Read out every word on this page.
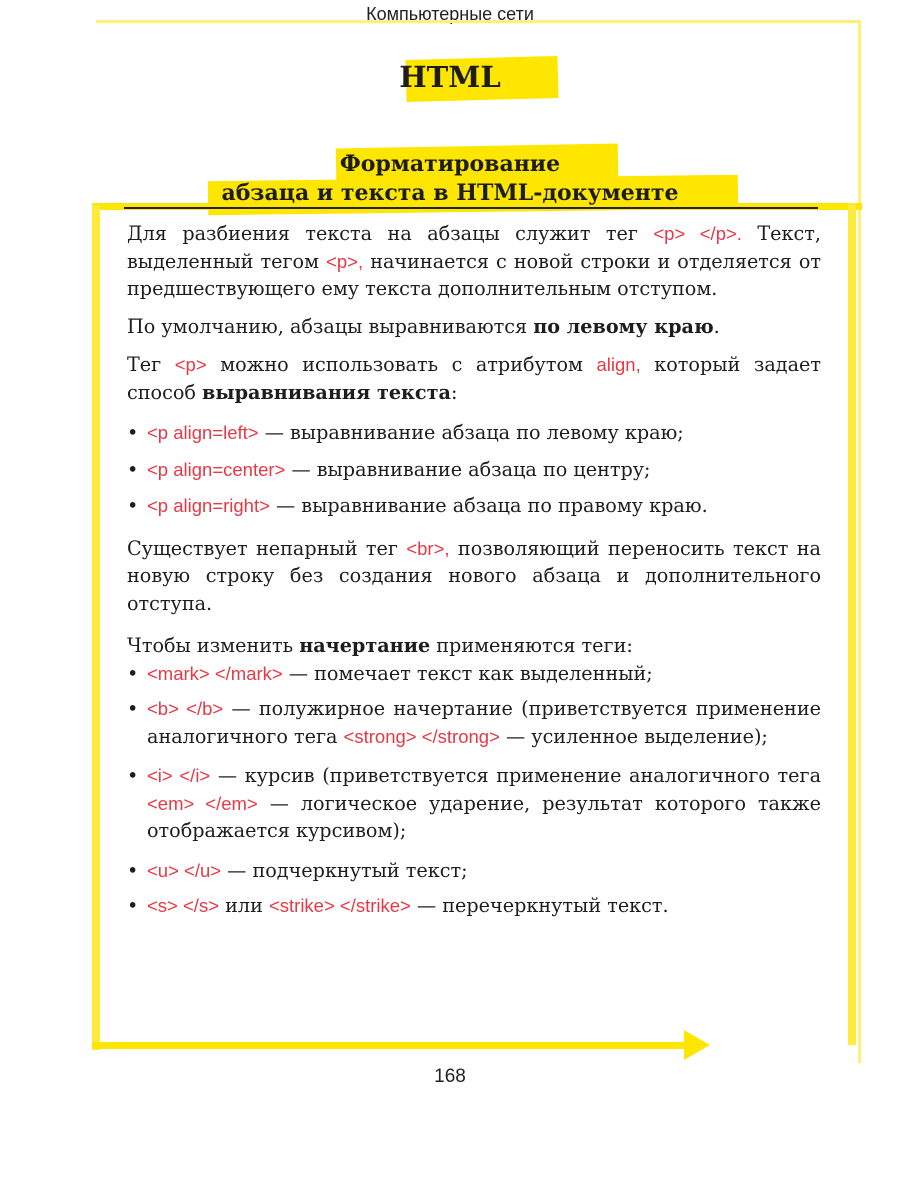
Компьютерные сети
HTML
Форматирование
абзаца и текста в HTML-документе

Для разбиения текста на абзацы служит тег <p> </p>. Текст, выделенный тегом <p>, начинается с новой строки и отделяется от предшествующего ему текста дополнительным отступом.

По умолчанию, абзацы выравниваются по левому краю.

Тег <p> можно использовать с атрибутом align, который задает способ выравнивания текста:

• <p align=left> — выравнивание абзаца по левому краю;
• <p align=center> — выравнивание абзаца по центру;
• <p align=right> — выравнивание абзаца по правому краю.

Существует непарный тег <br>, позволяющий переносить текст на новую строку без создания нового абзаца и дополнительного отступа.

Чтобы изменить начертание применяются теги:

• <mark> </mark> — помечает текст как выделенный;
• <b> </b> — полужирное начертание (приветствуется применение аналогичного тега <strong> </strong> — усиленное выделение);
• <i> </i> — курсив (приветствуется применение аналогичного тега <em> </em> — логическое ударение, результат которого также отображается курсивом);
• <u> </u> — подчеркнутый текст;
• <s> </s> или <strike> </strike> — перечеркнутый текст.
168
